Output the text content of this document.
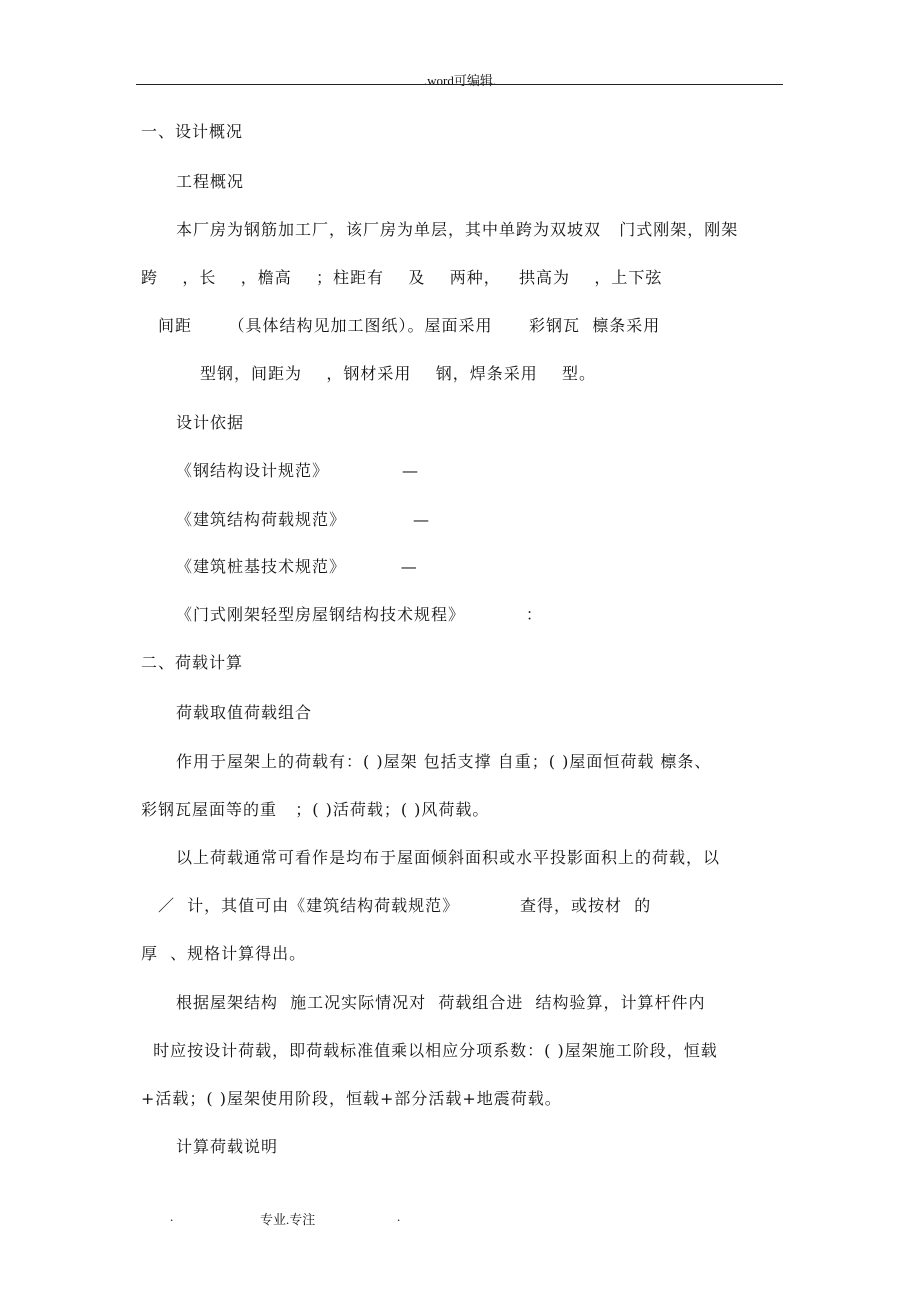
.word可编辑.
一、设计概况
工程概况
本厂房为钢筋加工厂，该厂房为单层，其中单跨为双坡双   门式刚架，刚架
跨    ，长    ，檐高    ；柱距有    及    两种，   拱高为    ，上下弦
间距      （具体结构见加工图纸）。屋面采用      彩钢瓦  檩条采用
型钢，间距为    ，钢材采用    钢，焊条采用    型。
设计依据
《钢结构设计规范》            —
《建筑结构荷载规范》           —
《建筑桩基技术规范》         —
《门式刚架轻型房屋钢结构技术规程》          ：
二、荷载计算
荷载取值荷载组合
作用于屋架上的荷载有：( )屋架 包括支撑 自重；( )屋面恒荷载 檩条、
彩钢瓦屋面等的重   ；( )活荷载；( )风荷载。
以上荷载通常可看作是均布于屋面倾斜面积或水平投影面积上的荷载，以
／  计，其值可由《建筑结构荷载规范》          查得，或按材  的
厚  、规格计算得出。
根据屋架结构  施工况实际情况对  荷载组合进  结构验算，计算杆件内
时应按设计荷载，即荷载标准值乘以相应分项系数：( )屋架施工阶段，恒载
+活载；( )屋架使用阶段，恒载+部分活载+地震荷载。
计算荷载说明
.	专业.专注	.
